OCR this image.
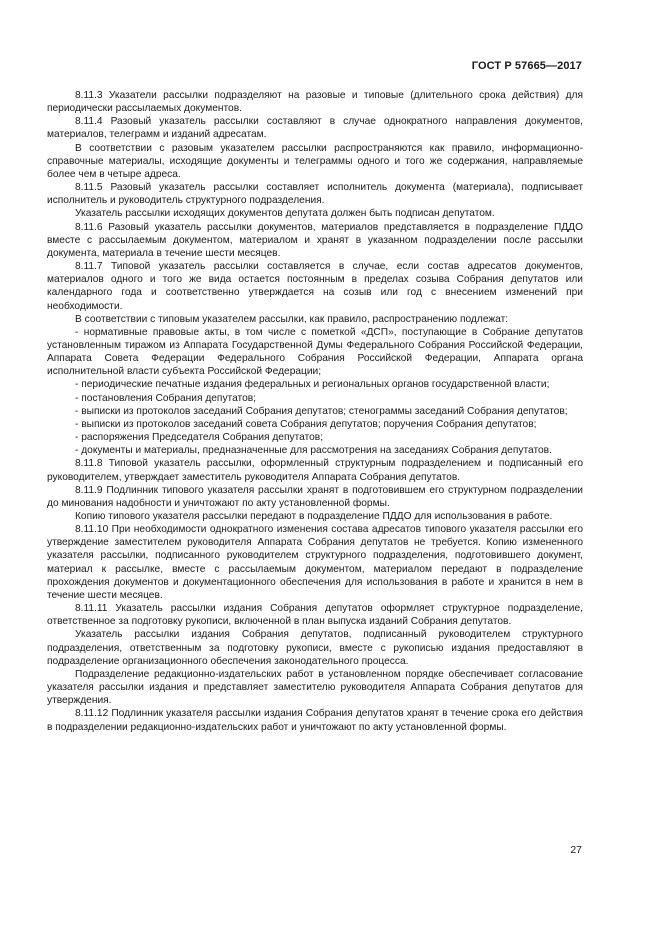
ГОСТ Р 57665—2017

8.11.3 Указатели рассылки подразделяют на разовые и типовые (длительного срока действия) для периодически рассылаемых документов.

8.11.4 Разовый указатель рассылки составляют в случае однократного направления документов, материалов, телеграмм и изданий адресатам.

В соответствии с разовым указателем рассылки распространяются как правило, информационно-справочные материалы, исходящие документы и телеграммы одного и того же содержания, направляемые более чем в четыре адреса.

8.11.5 Разовый указатель рассылки составляет исполнитель документа (материала), подписывает исполнитель и руководитель структурного подразделения.

Указатель рассылки исходящих документов депутата должен быть подписан депутатом.

8.11.6 Разовый указатель рассылки документов, материалов представляется в подразделение ПДДО вместе с рассылаемым документом, материалом и хранят в указанном подразделении после рассылки документа, материала в течение шести месяцев.

8.11.7 Типовой указатель рассылки составляется в случае, если состав адресатов документов, материалов одного и того же вида остается постоянным в пределах созыва Собрания депутатов или календарного года и соответственно утверждается на созыв или год с внесением изменений при необходимости.

В соответствии с типовым указателем рассылки, как правило, распространению подлежат:

- нормативные правовые акты, в том числе с пометкой «ДСП», поступающие в Собрание депутатов установленным тиражом из Аппарата Государственной Думы Федерального Собрания Российской Федерации, Аппарата Совета Федерации Федерального Собрания Российской Федерации, Аппарата органа исполнительной власти субъекта Российской Федерации;

- периодические печатные издания федеральных и региональных органов государственной власти;

- постановления Собрания депутатов;

- выписки из протоколов заседаний Собрания депутатов; стенограммы заседаний Собрания депутатов;

- выписки из протоколов заседаний совета Собрания депутатов; поручения Собрания депутатов;

- распоряжения Председателя Собрания депутатов;

- документы и материалы, предназначенные для рассмотрения на заседаниях Собрания депутатов.

8.11.8 Типовой указатель рассылки, оформленный структурным подразделением и подписанный его руководителем, утверждает заместитель руководителя Аппарата Собрания депутатов.

8.11.9 Подлинник типового указателя рассылки хранят в подготовившем его структурном подразделении до минования надобности и уничтожают по акту установленной формы.

Копию типового указателя рассылки передают в подразделение ПДДО для использования в работе.

8.11.10 При необходимости однократного изменения состава адресатов типового указателя рассылки его утверждение заместителем руководителя Аппарата Собрания депутатов не требуется. Копию измененного указателя рассылки, подписанного руководителем структурного подразделения, подготовившего документ, материал к рассылке, вместе с рассылаемым документом, материалом передают в подразделение прохождения документов и документационного обеспечения для использования в работе и хранится в нем в течение шести месяцев.

8.11.11 Указатель рассылки издания Собрания депутатов оформляет структурное подразделение, ответственное за подготовку рукописи, включенной в план выпуска изданий Собрания депутатов.

Указатель рассылки издания Собрания депутатов, подписанный руководителем структурного подразделения, ответственным за подготовку рукописи, вместе с рукописью издания предоставляют в подразделение организационного обеспечения законодательного процесса.

Подразделение редакционно-издательских работ в установленном порядке обеспечивает согласование указателя рассылки издания и представляет заместителю руководителя Аппарата Собрания депутатов для утверждения.

8.11.12 Подлинник указателя рассылки издания Собрания депутатов хранят в течение срока его действия в подразделении редакционно-издательских работ и уничтожают по акту установленной формы.

27
